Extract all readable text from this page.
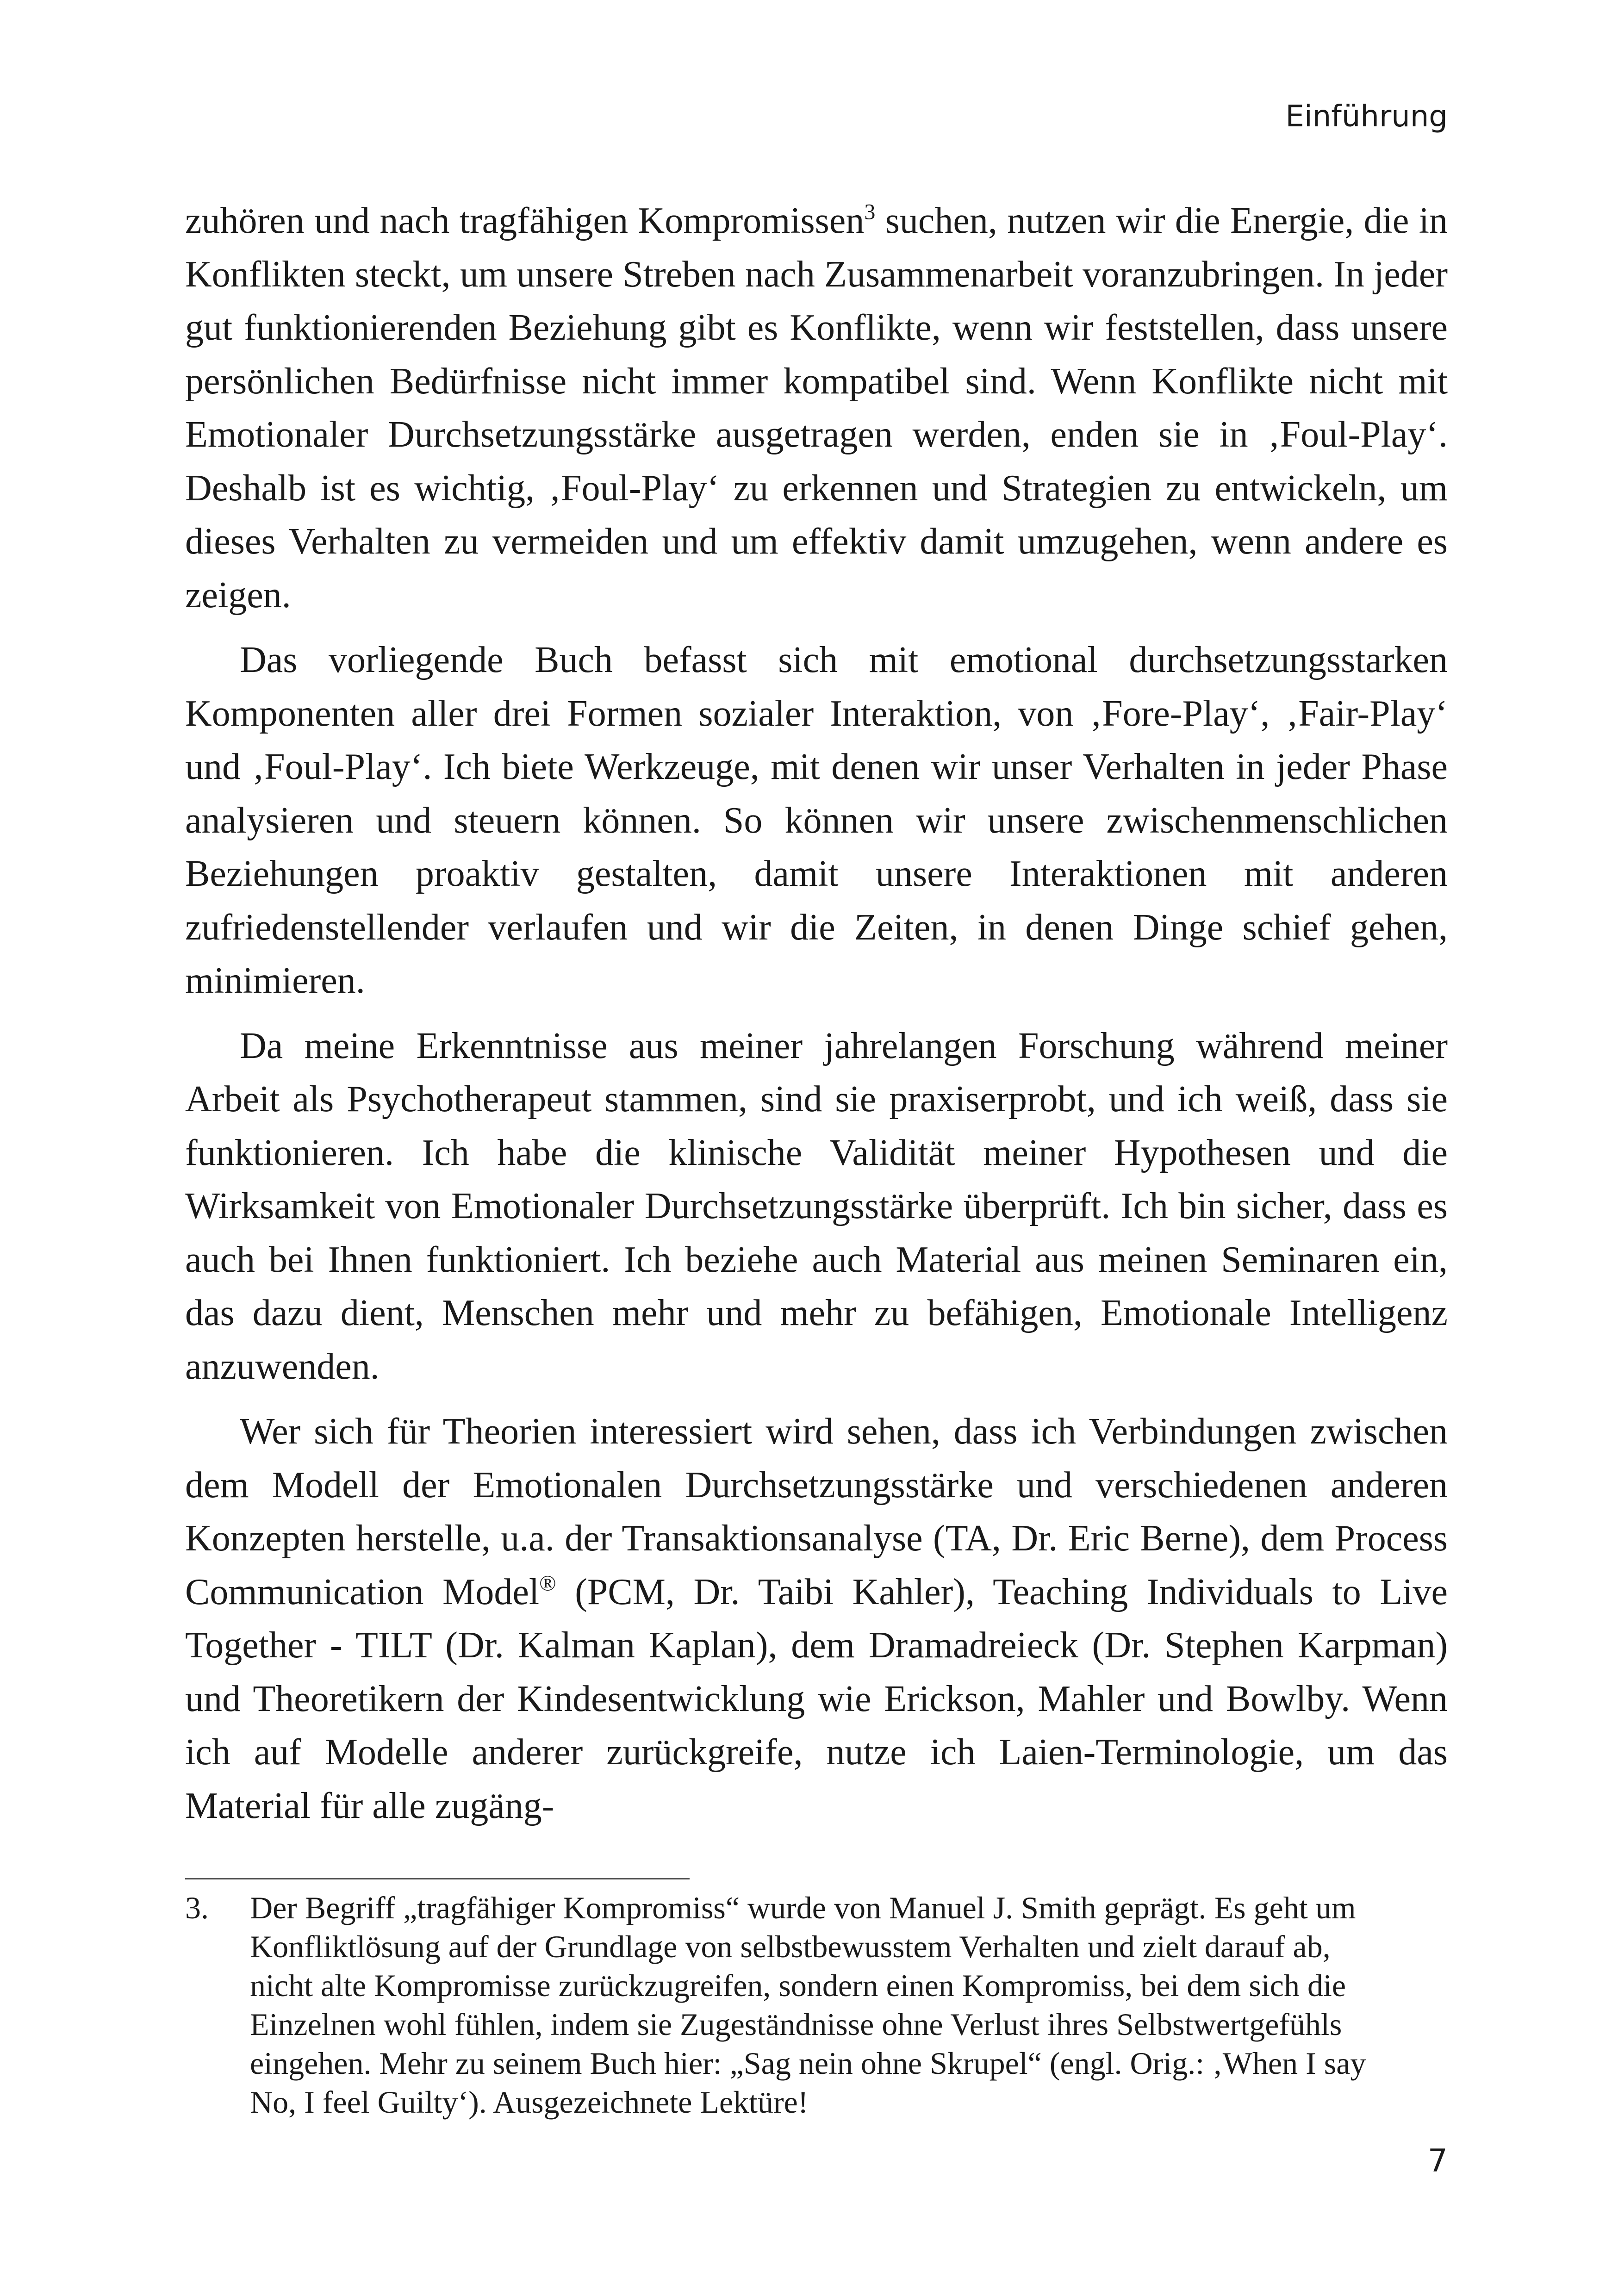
Einführung

zuhören und nach tragfähigen Kompromissen$^3$ suchen, nutzen wir die Energie, die in Konflikten steckt, um unsere Streben nach Zusammenarbeit voranzubringen. In jeder gut funktionierenden Beziehung gibt es Konflikte, wenn wir feststellen, dass unsere persönlichen Bedürfnisse nicht immer kompatibel sind. Wenn Konflikte nicht mit Emotionaler Durchsetzungsstärke ausgetragen werden, enden sie in ‚Foul-Play‘. Deshalb ist es wichtig, ‚Foul-Play‘ zu erkennen und Strategien zu entwickeln, um dieses Verhalten zu vermeiden und um effektiv damit umzugehen, wenn andere es zeigen.

Das vorliegende Buch befasst sich mit emotional durchsetzungsstarken Komponenten aller drei Formen sozialer Interaktion, von ‚Fore-Play‘, ‚Fair-Play‘ und ‚Foul-Play‘. Ich biete Werkzeuge, mit denen wir unser Verhalten in jeder Phase analysieren und steuern können. So können wir unsere zwischenmenschlichen Beziehungen proaktiv gestalten, damit unsere Interaktionen mit anderen zufriedenstellender verlaufen und wir die Zeiten, in denen Dinge schief gehen, minimieren.

Da meine Erkenntnisse aus meiner jahrelangen Forschung während meiner Arbeit als Psychotherapeut stammen, sind sie praxiserprobt, und ich weiß, dass sie funktionieren. Ich habe die klinische Validität meiner Hypothesen und die Wirksamkeit von Emotionaler Durchsetzungsstärke überprüft. Ich bin sicher, dass es auch bei Ihnen funktioniert. Ich beziehe auch Material aus meinen Seminaren ein, das dazu dient, Menschen mehr und mehr zu befähigen, Emotionale Intelligenz anzuwenden.

Wer sich für Theorien interessiert wird sehen, dass ich Verbindungen zwischen dem Modell der Emotionalen Durchsetzungsstärke und verschiedenen anderen Konzepten herstelle, u.a. der Transaktionsanalyse (TA, Dr. Eric Berne), dem Process Communication Model® (PCM, Dr. Taibi Kahler), Teaching Individuals to Live Together - TILT (Dr. Kalman Kaplan), dem Dramadreieck (Dr. Stephen Karpman) und Theoretikern der Kindesentwicklung wie Erickson, Mahler und Bowlby. Wenn ich auf Modelle anderer zurückgreife, nutze ich Laien-Terminologie, um das Material für alle zugäng-

3. Der Begriff „tragfähiger Kompromiss“ wurde von Manuel J. Smith geprägt. Es geht um Konfliktlösung auf der Grundlage von selbstbewusstem Verhalten und zielt darauf ab, nicht alte Kompromisse zurückzugreifen, sondern einen Kompromiss, bei dem sich die Einzelnen wohl fühlen, indem sie Zugeständnisse ohne Verlust ihres Selbstwertgefühls eingehen. Mehr zu seinem Buch hier: „Sag nein ohne Skrupel“ (engl. Orig.: ‚When I say No, I feel Guilty‘). Ausgezeichnete Lektüre!
7
